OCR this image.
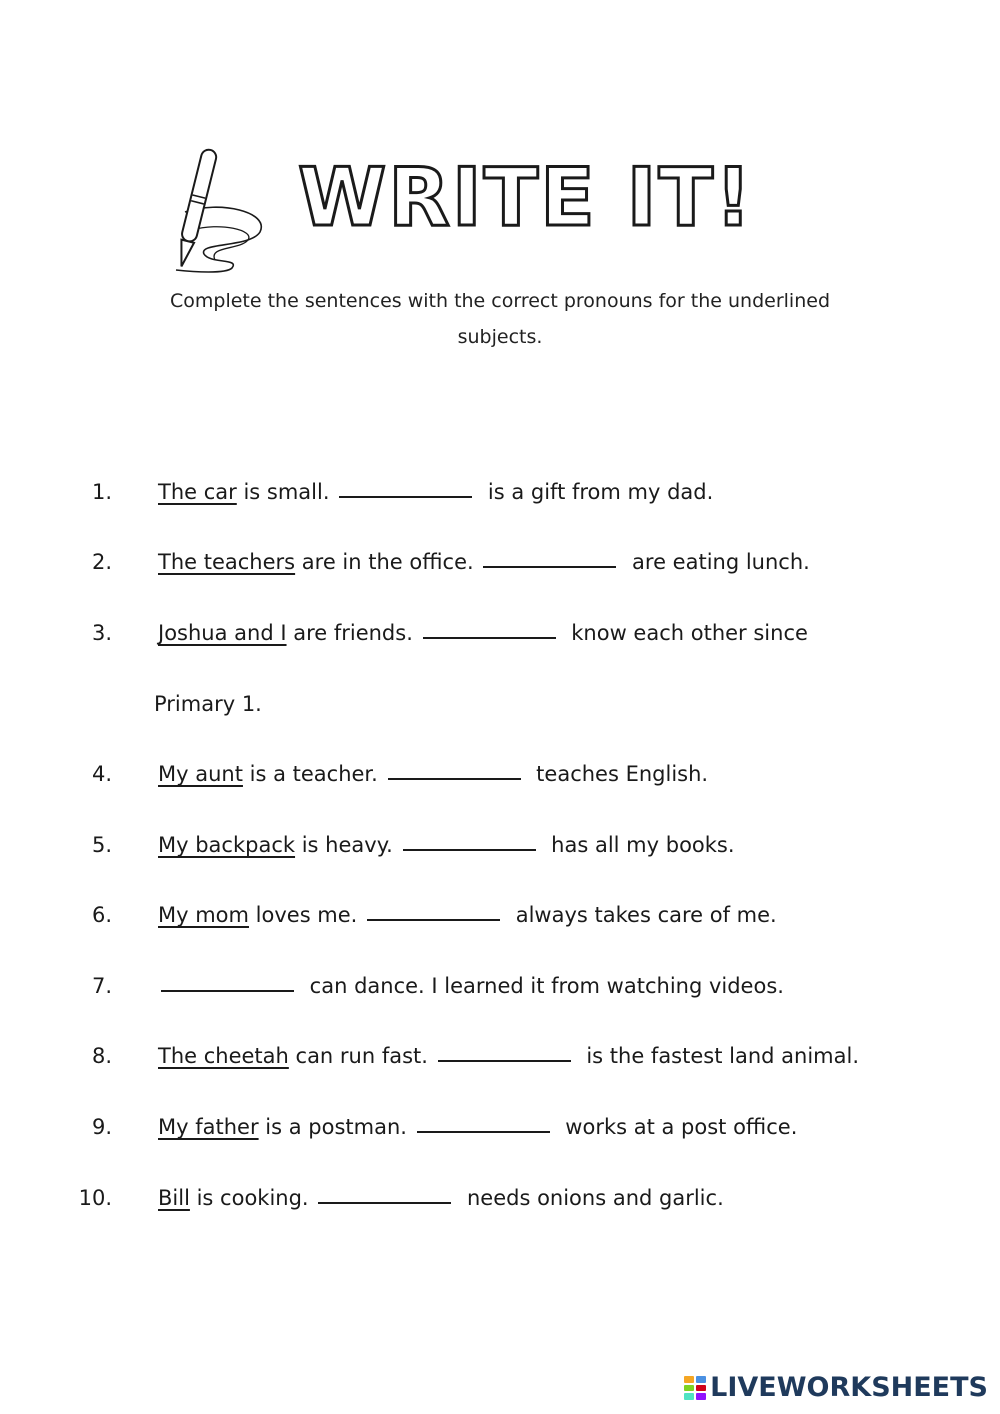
WRITE IT!
Complete the sentences with the correct pronouns for the underlined subjects.
1. The car is small.	is a gift from my dad.
2. The teachers are in the office.	are eating lunch.
3. Joshua and I are friends.	know each other since
Primary 1.
4. My aunt is a teacher.	teaches English.
5. My backpack is heavy.	has all my books.
6. My mom loves me.	always takes care of me.
7.	can dance. I learned it from watching videos.
8. The cheetah can run fast.	is the fastest land animal.
9. My father is a postman.	works at a post office.
10. Bill is cooking.	needs onions and garlic.
LIVEWORKSHEETS
